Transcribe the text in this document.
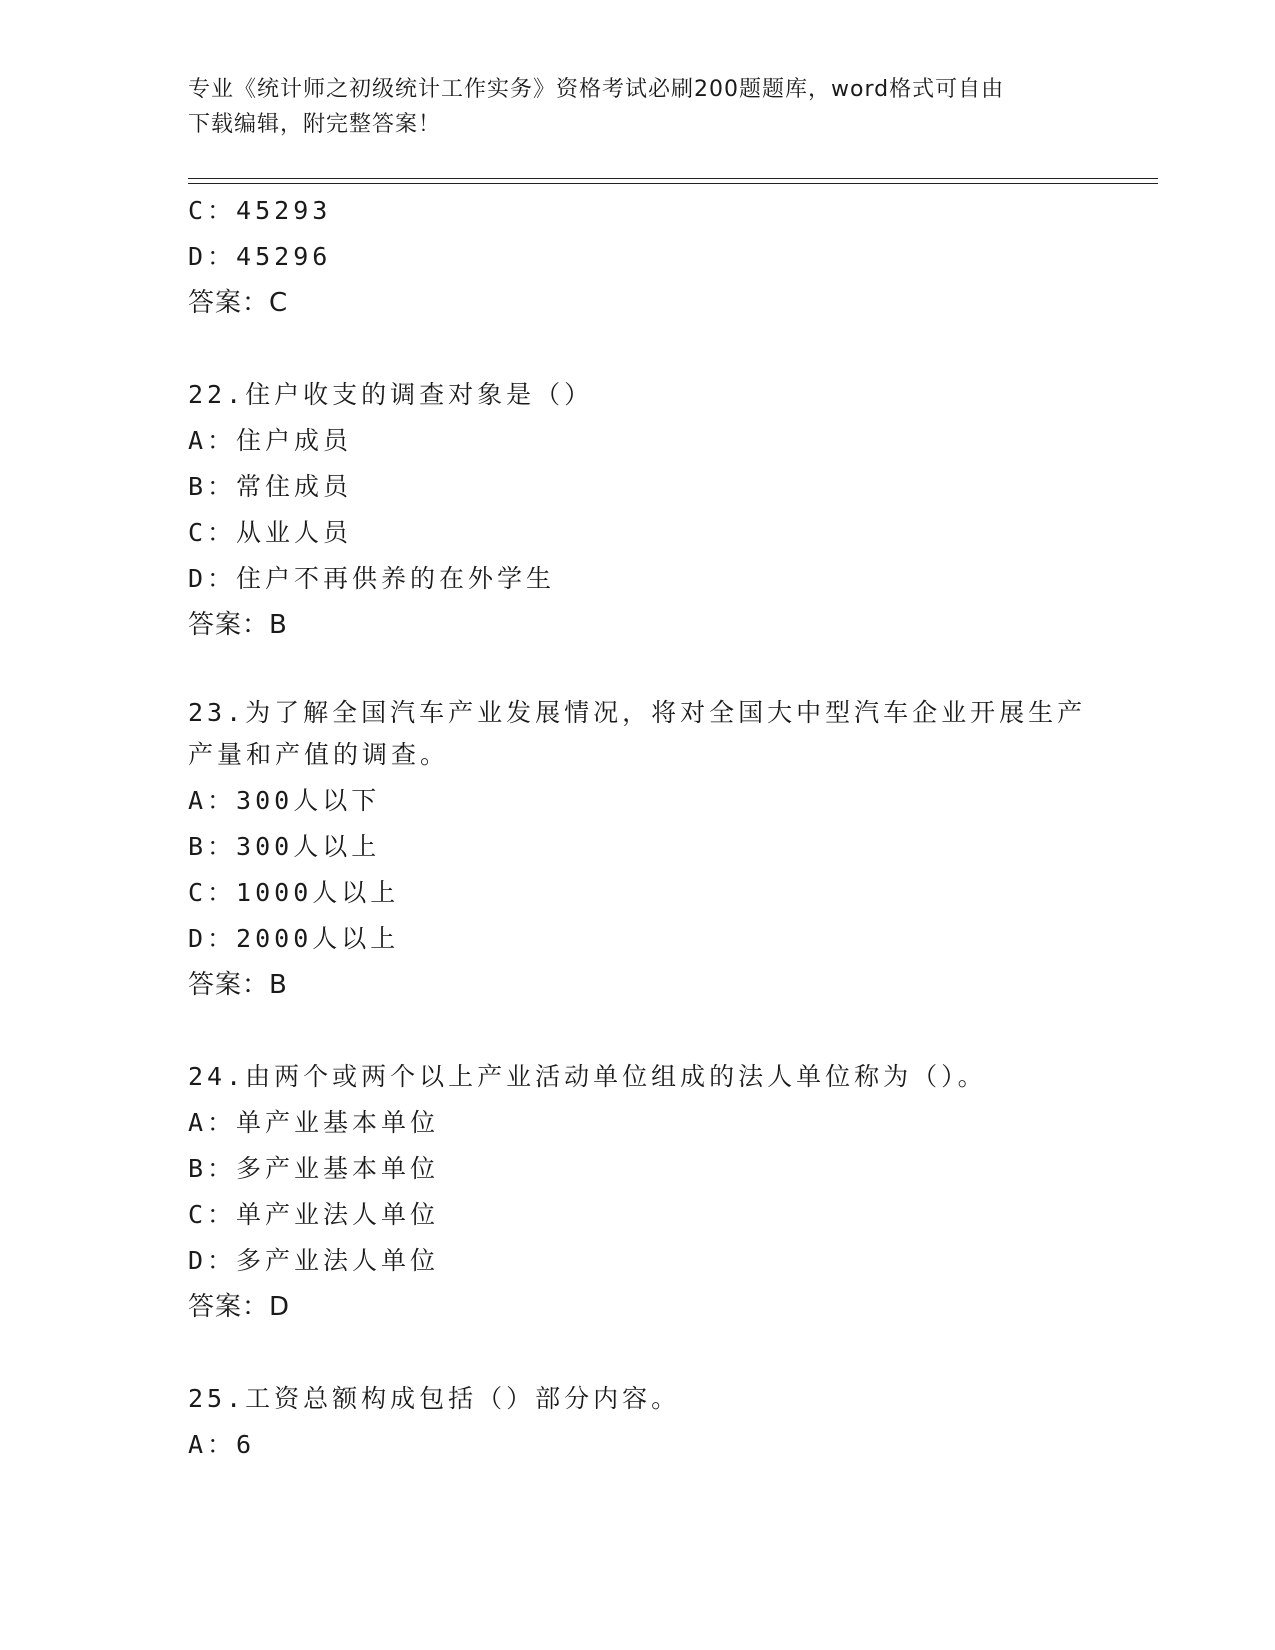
专业《统计师之初级统计工作实务》资格考试必刷200题题库，word格式可自由
下载编辑，附完整答案！
C：45293
D：45296
答案：C
22.住户收支的调查对象是（）
A：住户成员
B：常住成员
C：从业人员
D：住户不再供养的在外学生
答案：B
23.为了解全国汽车产业发展情况，将对全国大中型汽车企业开展生产
产量和产值的调查。
A：300人以下
B：300人以上
C：1000人以上
D：2000人以上
答案：B
24.由两个或两个以上产业活动单位组成的法人单位称为（）。
A：单产业基本单位
B：多产业基本单位
C：单产业法人单位
D：多产业法人单位
答案：D
25.工资总额构成包括（）部分内容。
A：6
